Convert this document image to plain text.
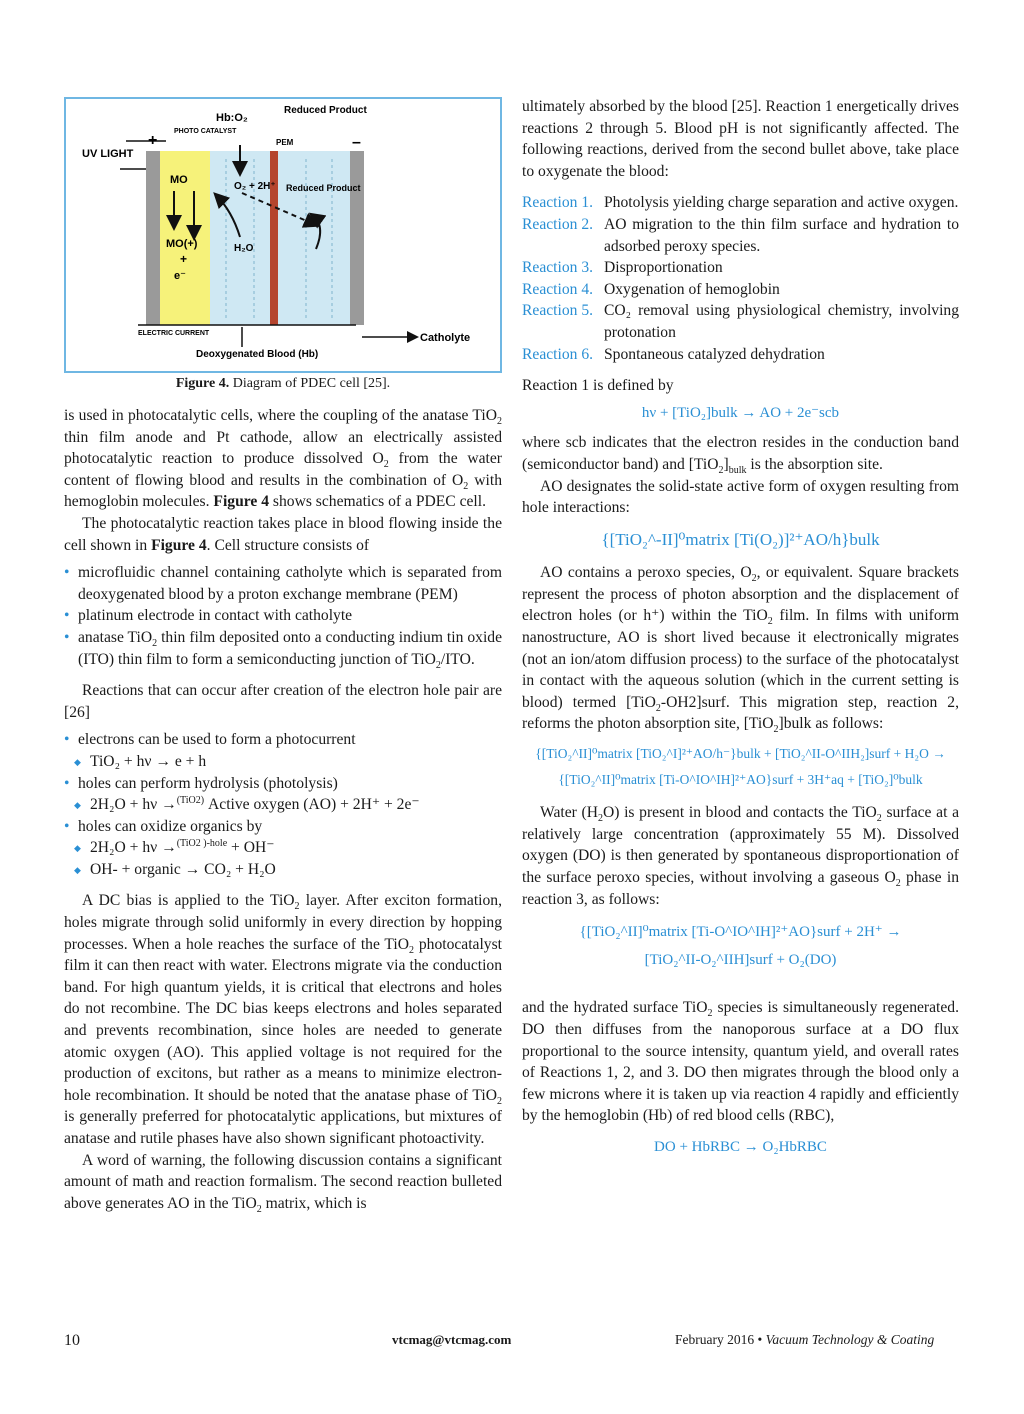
Hb:O₂
Reduced Product
PHOTO CATALYST
PEM
+	–
UV LIGHT
MO
MO(+)
+
e⁻
O₂ + 2H⁺
H₂O
Reduced Product
ELECTRIC CURRENT	Catholyte
Deoxygenated Blood (Hb)
Figure 4. Diagram of PDEC cell [25].

is used in photocatalytic cells, where the coupling of the anatase TiO$_2$ thin film anode and Pt cathode, allow an electrically assisted photocatalytic reaction to produce dissolved $O_2$ from the water content of flowing blood and results in the combination of $O_2$ with hemoglobin molecules. Figure 4 shows schematics of a PDEC cell.

The photocatalytic reaction takes place in blood flowing inside the cell shown in Figure 4. Cell structure consists of

• microfluidic channel containing catholyte which is separated from deoxygenated blood by a proton exchange membrane (PEM)
• platinum electrode in contact with catholyte
• anatase TiO$_2$ thin film deposited onto a conducting indium tin oxide (ITO) thin film to form a semiconducting junction of TiO$_2$/ITO.

Reactions that can occur after creation of the electron hole pair are [26]

• electrons can be used to form a photocurrent
◆ TiO₂ + hν → e + h
• holes can perform hydrolysis (photolysis)
◆ 2H₂O + hν →$^{(TiO2)}$ Active oxygen (AO) + 2H⁺ + 2e⁻
• holes can oxidize organics by
◆ 2H₂O + hν →$^{(TiO2 )-hole}$ + OH⁻
◆ OH- + organic → CO₂ + H₂O

A DC bias is applied to the TiO$_2$ layer. After exciton formation, holes migrate through solid uniformly in every direction by hopping processes. When a hole reaches the surface of the TiO$_2$ photocatalyst film it can then react with water. Electrons migrate via the conduction band. For high quantum yields, it is critical that electrons and holes do not recombine. The DC bias keeps electrons and holes separated and prevents recombination, since holes are needed to generate atomic oxygen (AO). This applied voltage is not required for the production of excitons, but rather as a means to minimize electron- hole recombination. It should be noted that the anatase phase of TiO$_2$ is generally preferred for photocatalytic applications, but mixtures of anatase and rutile phases have also shown significant photoactivity.

A word of warning, the following discussion contains a significant amount of math and reaction formalism. The second reaction bulleted above generates AO in the TiO$_2$ matrix, which is

ultimately absorbed by the blood [25]. Reaction 1 energetically drives reactions 2 through 5. Blood pH is not significantly affected. The following reactions, derived from the second bullet above, take place to oxygenate the blood:

Reaction 1. Photolysis yielding charge separation and active oxygen.
Reaction 2. AO migration to the thin film surface and hydration to adsorbed peroxy species.
Reaction 3. Disproportionation
Reaction 4. Oxygenation of hemoglobin
Reaction 5. CO₂ removal using physiological chemistry, involving protonation
Reaction 6. Spontaneous catalyzed dehydration

Reaction 1 is defined by

hν + [TiO₂]bulk → AO + 2e⁻scb

where scb indicates that the electron resides in the conduction band (semiconductor band) and $[TiO_2]_{bulk}$ is the absorption site.

AO designates the solid-state active form of oxygen resulting from hole interactions:

{[TiO₂^-II]⁰matrix [Ti(O₂)]²⁺AO/h}bulk

AO contains a peroxo species, $O_2$, or equivalent. Square brackets represent the process of photon absorption and the displacement of electron holes (or h⁺) within the TiO$_2$ film. In films with uniform nanostructure, AO is short lived because it electronically migrates (not an ion/atom diffusion process) to the surface of the photocatalyst in contact with the aqueous solution (which in the current setting is blood) termed [TiO$_2$-OH2]surf. This migration step, reaction 2, reforms the photon absorption site, [TiO$_2$]bulk as follows:

{[TiO₂^II]⁰matrix [TiO₂^I]²⁺AO/h⁻}bulk + [TiO₂^II-O^IIH₂]surf + H₂O →
{[TiO₂^II]⁰matrix [Ti-O^IO^IH]²⁺AO}surf + 3H⁺aq + [TiO₂]⁰bulk

Water $(H_2O)$ is present in blood and contacts the TiO$_2$ surface at a relatively large concentration (approximately 55 M). Dissolved oxygen (DO) is then generated by spontaneous disproportionation of the surface peroxo species, without involving a gaseous $O_2$ phase in reaction 3, as follows:

{[TiO₂^II]⁰matrix [Ti-O^IO^IH]²⁺AO}surf + 2H⁺ →
[TiO₂^II-O₂^IIH]surf + O₂(DO)

and the hydrated surface TiO$_2$ species is simultaneously regenerated. DO then diffuses from the nanoporous surface at a DO flux proportional to the source intensity, quantum yield, and overall rates of Reactions 1, 2, and 3. DO then migrates through the blood only a few microns where it is taken up via reaction 4 rapidly and efficiently by the hemoglobin (Hb) of red blood cells (RBC),

DO + HbRBC → O₂HbRBC
10	vtcmag@vtcmag.com	February 2016 • Vacuum Technology & Coating
